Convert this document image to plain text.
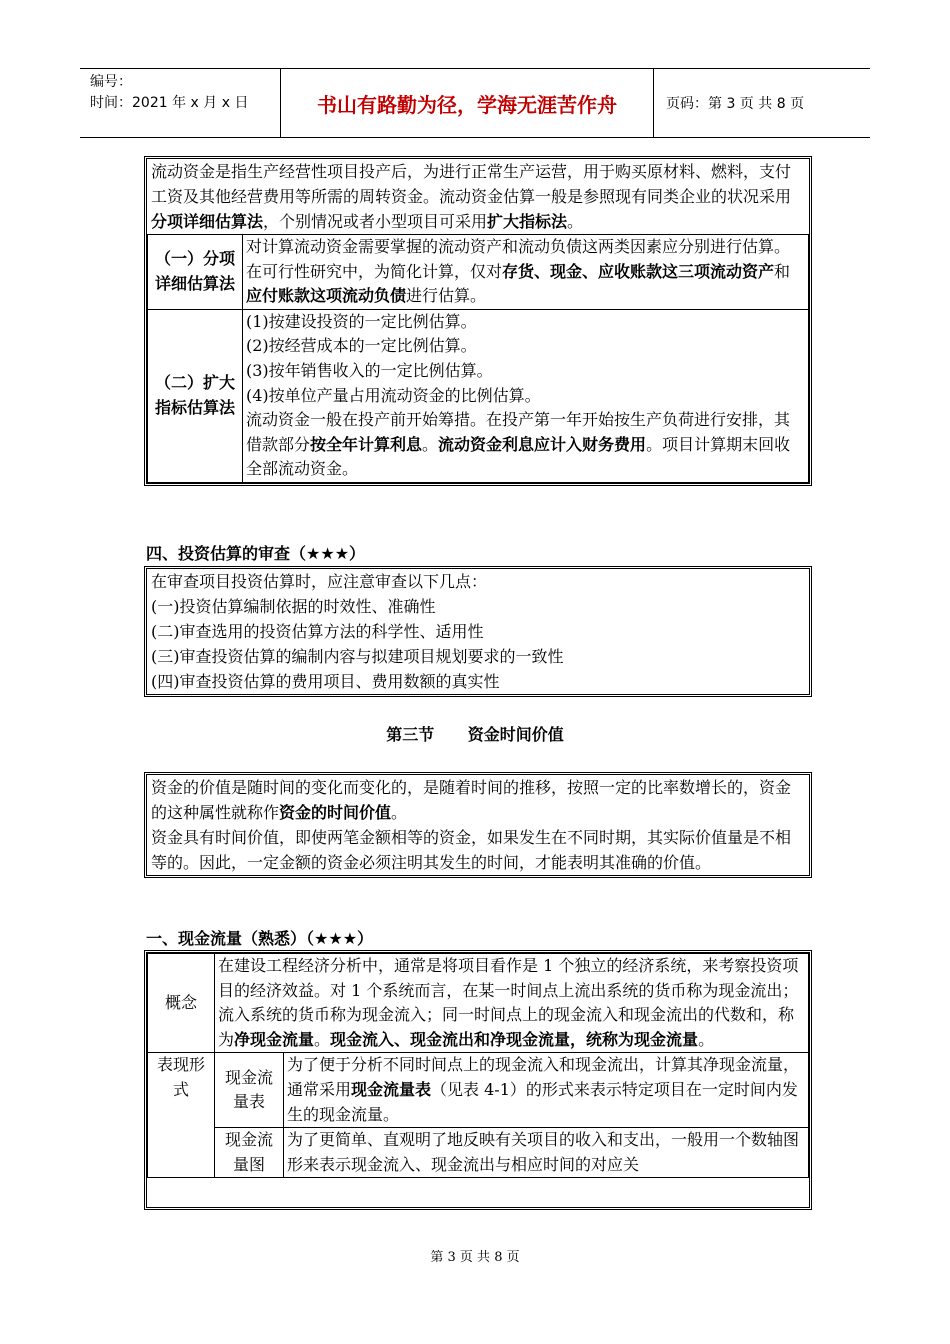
编号：
时间：2021 年 x 月 x 日	书山有路勤为径，学海无涯苦作舟	页码：第 3 页 共 8 页

流动资金是指生产经营性项目投产后，为进行正常生产运营，用于购买原材料、燃料，支付工资及其他经营费用等所需的周转资金。流动资金估算一般是参照现有同类企业的状况采用分项详细估算法，个别情况或者小型项目可采用扩大指标法。

（一）分项详细估算法	对计算流动资金需要掌握的流动资产和流动负债这两类因素应分别进行估算。在可行性研究中，为简化计算，仅对存货、现金、应收账款这三项流动资产和应付账款这项流动负债进行估算。
（二）扩大指标估算法	(1)按建设投资的一定比例估算。
(2)按经营成本的一定比例估算。
(3)按年销售收入的一定比例估算。
(4)按单位产量占用流动资金的比例估算。
流动资金一般在投产前开始筹措。在投产第一年开始按生产负荷进行安排，其借款部分按全年计算利息。流动资金利息应计入财务费用。项目计算期末回收全部流动资金。
四、投资估算的审查（★★★）
在审查项目投资估算时，应注意审查以下几点：
(一)投资估算编制依据的时效性、准确性
(二)审查选用的投资估算方法的科学性、适用性
(三)审查投资估算的编制内容与拟建项目规划要求的一致性
(四)审查投资估算的费用项目、费用数额的真实性
第三节      资金时间价值

资金的价值是随时间的变化而变化的，是随着时间的推移，按照一定的比率数增长的，资金的这种属性就称作资金的时间价值。

资金具有时间价值，即使两笔金额相等的资金，如果发生在不同时期，其实际价值量是不相等的。因此，一定金额的资金必须注明其发生的时间，才能表明其准确的价值。

一、现金流量（熟悉）（★★★）
概念	在建设工程经济分析中，通常是将项目看作是 1 个独立的经济系统，来考察投资项目的经济效益。对 1 个系统而言，在某一时间点上流出系统的货币称为现金流出；流入系统的货币称为现金流入；同一时间点上的现金流入和现金流出的代数和，称为净现金流量。现金流入、现金流出和净现金流量，统称为现金流量。	
表现形式	现金流量表	为了便于分析不同时间点上的现金流入和现金流出，计算其净现金流量，通常采用现金流量表（见表 4-1）的形式来表示特定项目在一定时间内发生的现金流量。
	现金流量图	为了更简单、直观明了地反映有关项目的收入和支出，一般用一个数轴图形来表示现金流入、现金流出与相应时间的对应关
第 3 页 共 8 页
